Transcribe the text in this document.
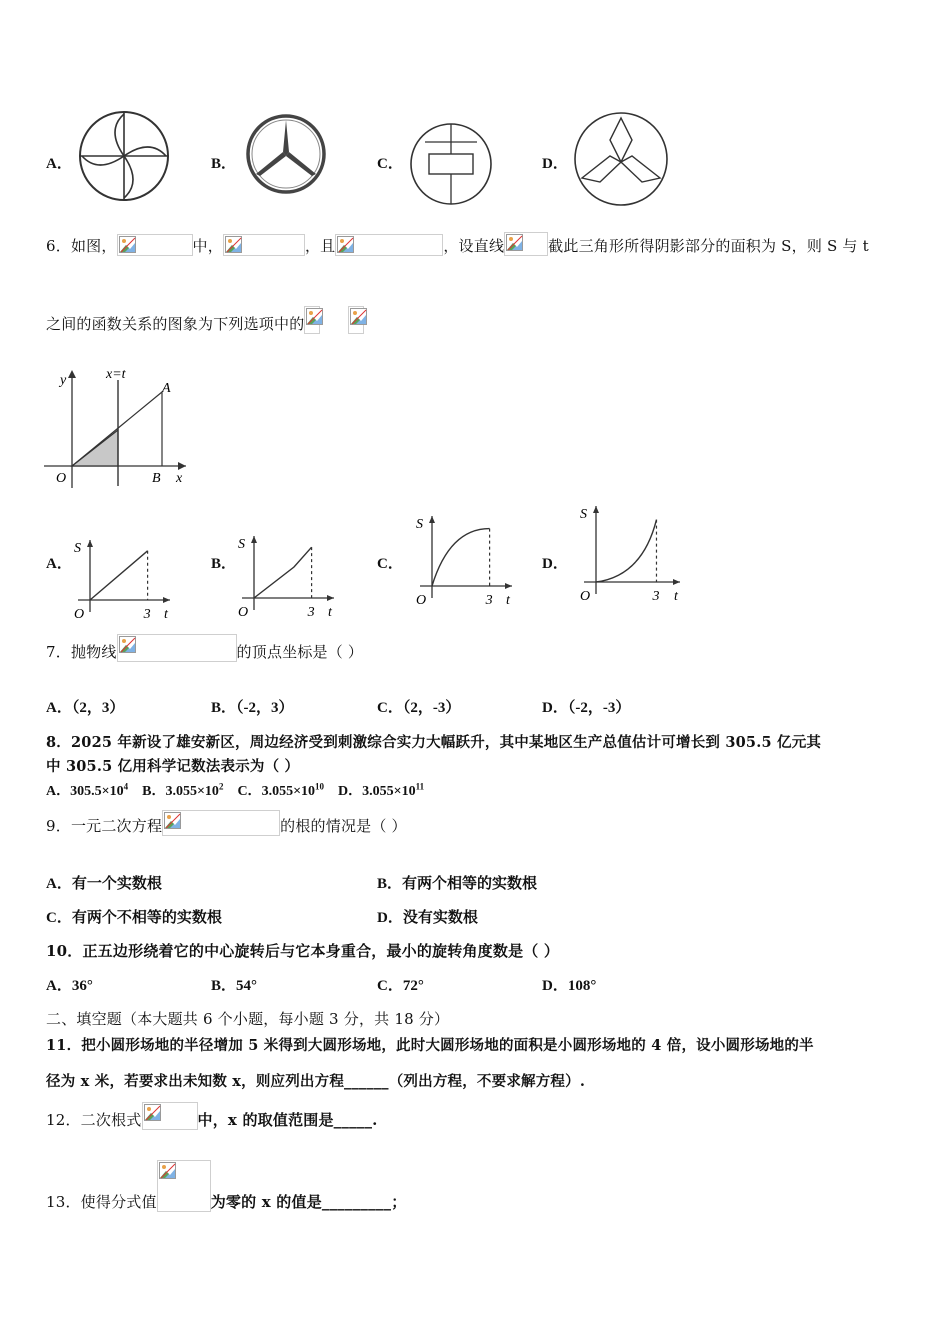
A．	B．	C．	D．
6．如图，	中，	，且	，设直线	截此三角形所得阴影部分的面积为 S，则 S 与 t
之间的函数关系的图象为下列选项中的
y	x=t
A
O	B x
A．
S
O	3 t
B．
S
O	3 t
C．
S
O	3 t
D．
S
O	3 t
7．抛物线	的顶点坐标是（ ）
A．（2，3）	B．（-2，3）	C．（2，-3）	D．（-2，-3）
8．2025 年新设了雄安新区，周边经济受到刺激综合实力大幅跃升，其中某地区生产总值估计可增长到 305.5 亿元其
中 305.5 亿用科学记数法表示为（ ）
A．$305.5\times 10^4$ B．$3.055\times 10^2$ C．$3.055\times 10^{10}$ D．$3.055\times 10^{11}$
9．一元二次方程	的根的情况是（ ）
A．有一个实数根	B．有两个相等的实数根
C．有两个不相等的实数根	D．没有实数根
10．正五边形绕着它的中心旋转后与它本身重合，最小的旋转角度数是（ ）
A．36°	B．54°	C．72°	D．108°
二、填空题（本大题共 6 个小题，每小题 3 分，共 18 分）
11．把小圆形场地的半径增加 5 米得到大圆形场地，此时大圆形场地的面积是小圆形场地的 4 倍，设小圆形场地的半
径为 x 米，若要求出未知数 x，则应列出方程______（列出方程，不要求解方程）.
12．二次根式	中，x 的取值范围是_____.
13．使得分式值	为零的 x 的值是_________；
